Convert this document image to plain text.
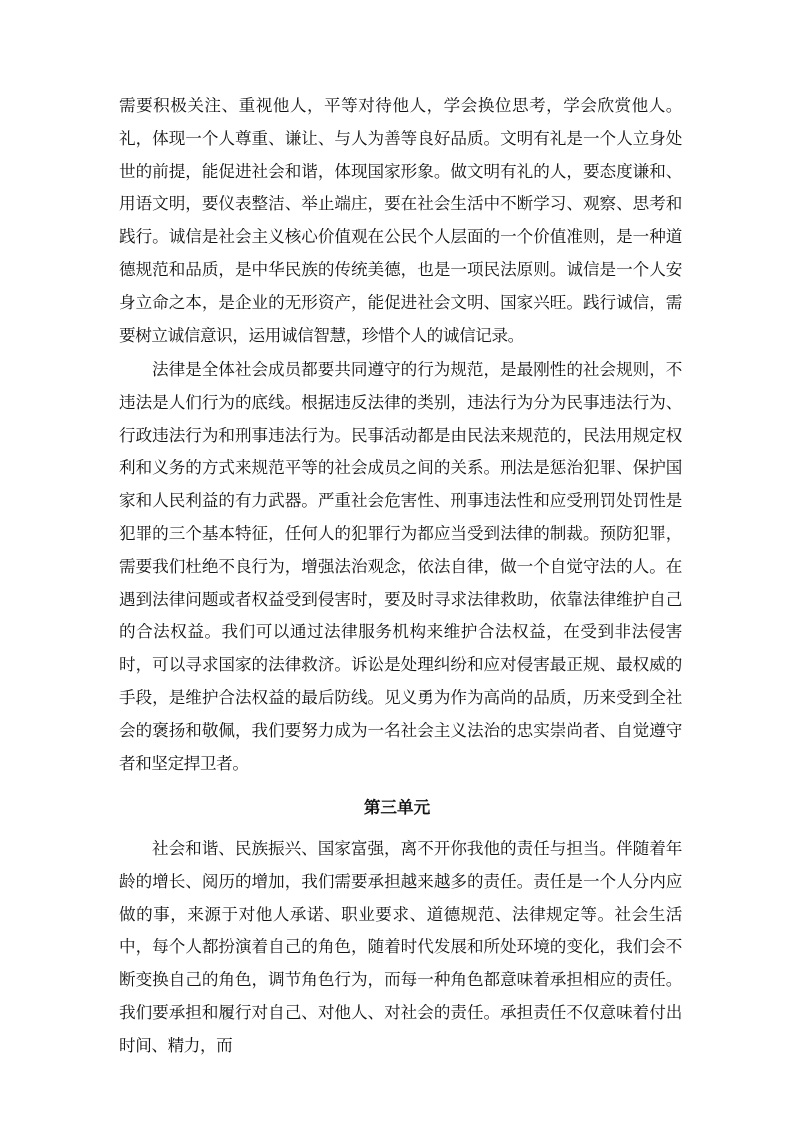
需要积极关注、重视他人，平等对待他人，学会换位思考，学会欣赏他人。礼，体现一个人尊重、谦让、与人为善等良好品质。文明有礼是一个人立身处世的前提，能促进社会和谐，体现国家形象。做文明有礼的人，要态度谦和、用语文明，要仪表整洁、举止端庄，要在社会生活中不断学习、观察、思考和践行。诚信是社会主义核心价值观在公民个人层面的一个价值准则，是一种道德规范和品质，是中华民族的传统美德，也是一项民法原则。诚信是一个人安身立命之本，是企业的无形资产，能促进社会文明、国家兴旺。践行诚信，需要树立诚信意识，运用诚信智慧，珍惜个人的诚信记录。

法律是全体社会成员都要共同遵守的行为规范，是最刚性的社会规则，不违法是人们行为的底线。根据违反法律的类别，违法行为分为民事违法行为、行政违法行为和刑事违法行为。民事活动都是由民法来规范的，民法用规定权利和义务的方式来规范平等的社会成员之间的关系。刑法是惩治犯罪、保护国家和人民利益的有力武器。严重社会危害性、刑事违法性和应受刑罚处罚性是犯罪的三个基本特征，任何人的犯罪行为都应当受到法律的制裁。预防犯罪，需要我们杜绝不良行为，增强法治观念，依法自律，做一个自觉守法的人。在遇到法律问题或者权益受到侵害时，要及时寻求法律救助，依靠法律维护自己的合法权益。我们可以通过法律服务机构来维护合法权益，在受到非法侵害时，可以寻求国家的法律救济。诉讼是处理纠纷和应对侵害最正规、最权威的手段，是维护合法权益的最后防线。见义勇为作为高尚的品质，历来受到全社会的褒扬和敬佩，我们要努力成为一名社会主义法治的忠实崇尚者、自觉遵守者和坚定捍卫者。

第三单元

社会和谐、民族振兴、国家富强，离不开你我他的责任与担当。伴随着年龄的增长、阅历的增加，我们需要承担越来越多的责任。责任是一个人分内应做的事，来源于对他人承诺、职业要求、道德规范、法律规定等。社会生活中，每个人都扮演着自己的角色，随着时代发展和所处环境的变化，我们会不断变换自己的角色，调节角色行为，而每一种角色都意味着承担相应的责任。我们要承担和履行对自己、对他人、对社会的责任。承担责任不仅意味着付出时间、精力，而
